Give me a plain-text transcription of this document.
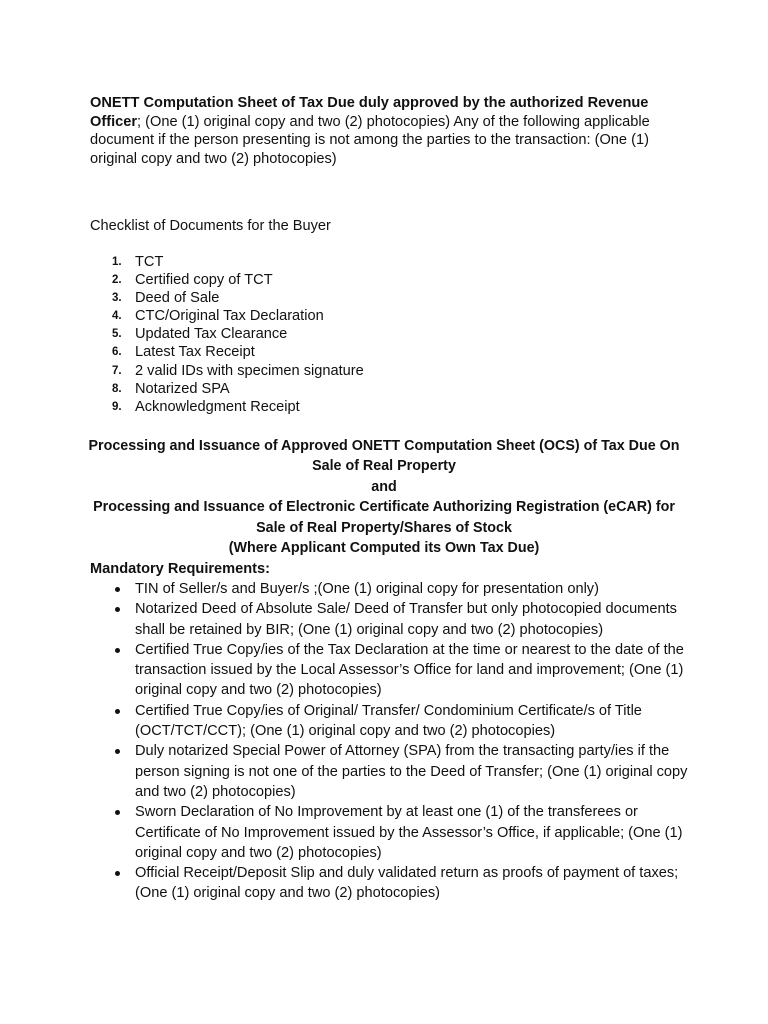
ONETT Computation Sheet of Tax Due duly approved by the authorized Revenue Officer; (One (1) original copy and two (2) photocopies) Any of the following applicable document if the person presenting is not among the parties to the transaction: (One (1) original copy and two (2) photocopies)
Checklist of Documents for the Buyer
1. TCT
2. Certified copy of TCT
3. Deed of Sale
4. CTC/Original Tax Declaration
5. Updated Tax Clearance
6. Latest Tax Receipt
7. 2 valid IDs with specimen signature
8. Notarized SPA
9. Acknowledgment Receipt

Processing and Issuance of Approved ONETT Computation Sheet (OCS) of Tax Due On Sale of Real Property

and

Processing and Issuance of Electronic Certificate Authorizing Registration (eCAR) for Sale of Real Property/Shares of Stock

(Where Applicant Computed its Own Tax Due)

Mandatory Requirements:
TIN of Seller/s and Buyer/s ;(One (1) original copy for presentation only)
Notarized Deed of Absolute Sale/ Deed of Transfer but only photocopied documents shall be retained by BIR; (One (1) original copy and two (2) photocopies)
Certified True Copy/ies of the Tax Declaration at the time or nearest to the date of the transaction issued by the Local Assessor’s Office for land and improvement; (One (1) original copy and two (2) photocopies)
Certified True Copy/ies of Original/ Transfer/ Condominium Certificate/s of Title (OCT/TCT/CCT); (One (1) original copy and two (2) photocopies)
Duly notarized Special Power of Attorney (SPA) from the transacting party/ies if the person signing is not one of the parties to the Deed of Transfer; (One (1) original copy and two (2) photocopies)
Sworn Declaration of No Improvement by at least one (1) of the transferees or Certificate of No Improvement issued by the Assessor’s Office, if applicable; (One (1) original copy and two (2) photocopies)
Official Receipt/Deposit Slip and duly validated return as proofs of payment of taxes; (One (1) original copy and two (2) photocopies)
